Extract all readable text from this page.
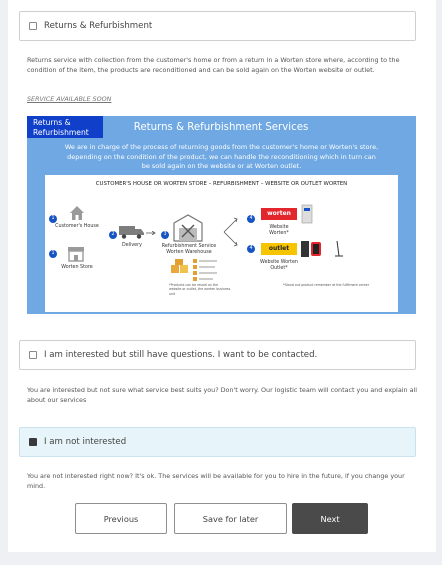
Returns & Refurbishment

Returns service with collection from the customer's home or from a return in a Worten store where, according to the condition of the item, the products are reconditioned and can be sold again on the Worten website or outlet.

SERVICE AVAILABLE SOON
Returns & Refurbishment	Returns & Refurbishment Services
We are in charge of the process of returning goods from the customer's home or Worten's store, depending on the condition of the product, we can handle the reconditioning which in turn can be sold again on the website or at Worten outlet.
CUSTOMER'S HOUSE OR WORTEN STORE – REFURBISHMENT – WEBSITE OR OUTLET WORTEN
1
Customer's House
1
Worten Store
2
Delivery
3
Refurbishment Service Worten Warehouse
*Products can be resold on the website or outlet, the worten business unit
4
worten
Website Worten*
4	outlet
Website Worten Outlet*
*Stand out product remember at the fulfilment center
I am interested but still have questions. I want to be contacted.

You are interested but not sure what service best suits you? Don't worry. Our logistic team will contact you and explain all about our services

I am not interested

You are not interested right now? It's ok. The services will be available for you to hire in the future, if you change your mind.

Previous	Save for later	Next
